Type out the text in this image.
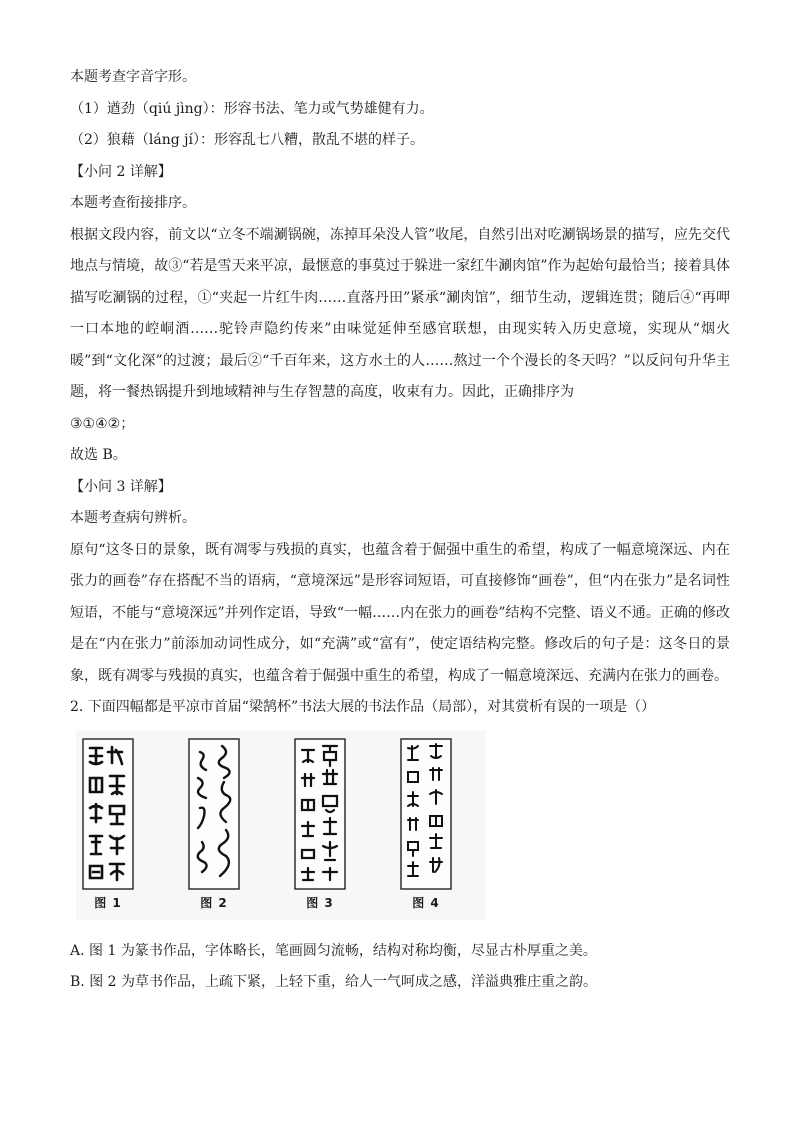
本题考查字音字形。
（1）遒劲（qiú jìng）：形容书法、笔力或气势雄健有力。
（2）狼藉（láng jí）：形容乱七八糟，散乱不堪的样子。
【小问 2 详解】
本题考查衔接排序。
根据文段内容，前文以“立冬不端涮锅碗，冻掉耳朵没人管”收尾，自然引出对吃涮锅场景的描写，应先交代地点与情境，故③“若是雪天来平凉，最惬意的事莫过于躲进一家红牛涮肉馆”作为起始句最恰当；接着具体描写吃涮锅的过程，①“夹起一片红牛肉……直落丹田”紧承“涮肉馆”，细节生动，逻辑连贯；随后④“再呷一口本地的崆峒酒……驼铃声隐约传来”由味觉延伸至感官联想，由现实转入历史意境，实现从“烟火暖”到“文化深”的过渡；最后②“千百年来，这方水土的人……熬过一个个漫长的冬天吗？”以反问句升华主题，将一餐热锅提升到地域精神与生存智慧的高度，收束有力。因此，正确排序为
③①④②；
故选 B。
【小问 3 详解】
本题考查病句辨析。
原句“这冬日的景象，既有凋零与残损的真实，也蕴含着于倔强中重生的希望，构成了一幅意境深远、内在张力的画卷”存在搭配不当的语病，“意境深远”是形容词短语，可直接修饰“画卷”，但“内在张力”是名词性短语，不能与“意境深远”并列作定语，导致“一幅……内在张力的画卷”结构不完整、语义不通。正确的修改是在“内在张力”前添加动词性成分，如“充满”或“富有”，使定语结构完整。修改后的句子是：这冬日的景象，既有凋零与残损的真实，也蕴含着于倔强中重生的希望，构成了一幅意境深远、充满内在张力的画卷。
2. 下面四幅都是平凉市首届“梁鹄杯”书法大展的书法作品（局部），对其赏析有误的一项是（）
图 1	图 2	图 3	图 4
A. 图 1 为篆书作品，字体略长，笔画圆匀流畅，结构对称均衡，尽显古朴厚重之美。
B. 图 2 为草书作品，上疏下紧，上轻下重，给人一气呵成之感，洋溢典雅庄重之韵。
